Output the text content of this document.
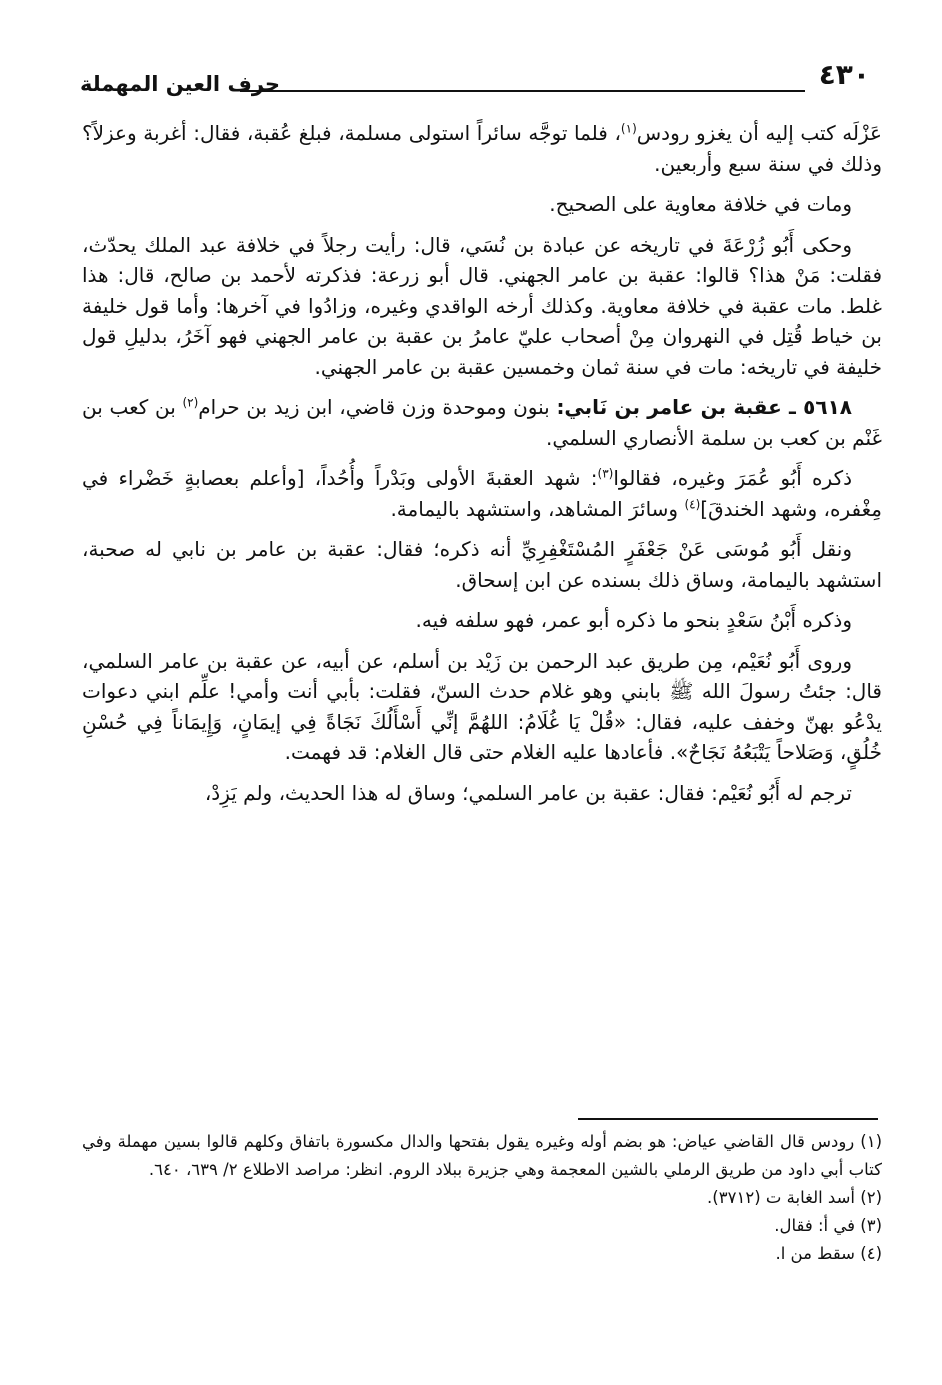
٤٣٠
حرف العين المهملة

عَزْلَه كتب إليه أن يغزو رودس$^{(١)}$، فلما توجَّه سائراً استولى مسلمة، فبلغ عُقبة، فقال: أغربة وعزلاً؟ وذلك في سنة سبع وأربعين.

ومات في خلافة معاوية على الصحيح.

وحكى أَبُو زُرْعَةَ في تاريخه عن عبادة بن نُسَي، قال: رأيت رجلاً في خلافة عبد الملك يحدّث، فقلت: مَنْ هذا؟ قالوا: عقبة بن عامر الجهني. قال أبو زرعة: فذكرته لأحمد بن صالح، قال: هذا غلط. مات عقبة في خلافة معاوية. وكذلك أرخه الواقدي وغيره، وزادُوا في آخرها: وأما قول خليفة بن خياط قُتِل في النهروان مِنْ أصحاب عليّ عامرُ بن عقبة بن عامر الجهني فهو آخَرُ، بدليلِ قول خليفة في تاريخه: مات في سنة ثمان وخمسين عقبة بن عامر الجهني.

٥٦١٨ ـ عقبة بن عامر بن نَابي: بنون وموحدة وزن قاضي، ابن زيد بن حرام$^{(٢)}$ بن كعب بن غَنْم بن كعب بن سلمة الأنصاري السلمي.

ذكره أَبُو عُمَرَ وغيره، فقالوا$^{(٣)}$: شهد العقبةَ الأولى وبَدْراً وأُحُداً، [وأعلم بعصابةٍ خَضْراء في مِغْفره، وشهد الخندقَ]$^{(٤)}$ وسائرَ المشاهد، واستشهد باليمامة.

ونقل أَبُو مُوسَى عَنْ جَعْفَرٍ المُسْتَغْفِرِيِّ أنه ذكره؛ فقال: عقبة بن عامر بن نابي له صحبة، استشهد باليمامة، وساق ذلك بسنده عن ابن إسحاق.

وذكره أَبْنُ سَعْدٍ بنحو ما ذكره أبو عمر، فهو سلفه فيه.

وروى أَبُو نُعَيْم، مِن طريق عبد الرحمن بن زَيْد بن أسلم، عن أبيه، عن عقبة بن عامر السلمي، قال: جئتُ رسولَ الله ﷺ بابني وهو غلام حدث السنّ، فقلت: بأبي أنت وأمي! علِّم ابني دعوات يدْعُو بهنّ وخفف عليه، فقال: «قُلْ يَا غُلَامُ: اللهُمَّ إنِّي أَسْأَلُكَ نَجَاةً فِي إيمَانٍ، وَإِيمَاناً فِي حُسْنِ خُلُقٍ، وَصَلاحاً يَتْبَعُهُ نَجَاحٌ». فأعادها عليه الغلام حتى قال الغلام: قد فهمت.

ترجم له أَبُو نُعَيْم: فقال: عقبة بن عامر السلمي؛ وساق له هذا الحديث، ولم يَزِدْ،

(١) رودس قال القاضي عياض: هو بضم أوله وغيره يقول بفتحها والدال مكسورة باتفاق وكلهم قالوا بسين مهملة وفي كتاب أبي داود من طريق الرملي بالشين المعجمة وهي جزيرة ببلاد الروم. انظر: مراصد الاطلاع ٢/ ٦٣٩، ٦٤٠.

(٢) أسد الغابة ت (٣٧١٢).

(٣) في أ: فقال.

(٤) سقط من ا.
